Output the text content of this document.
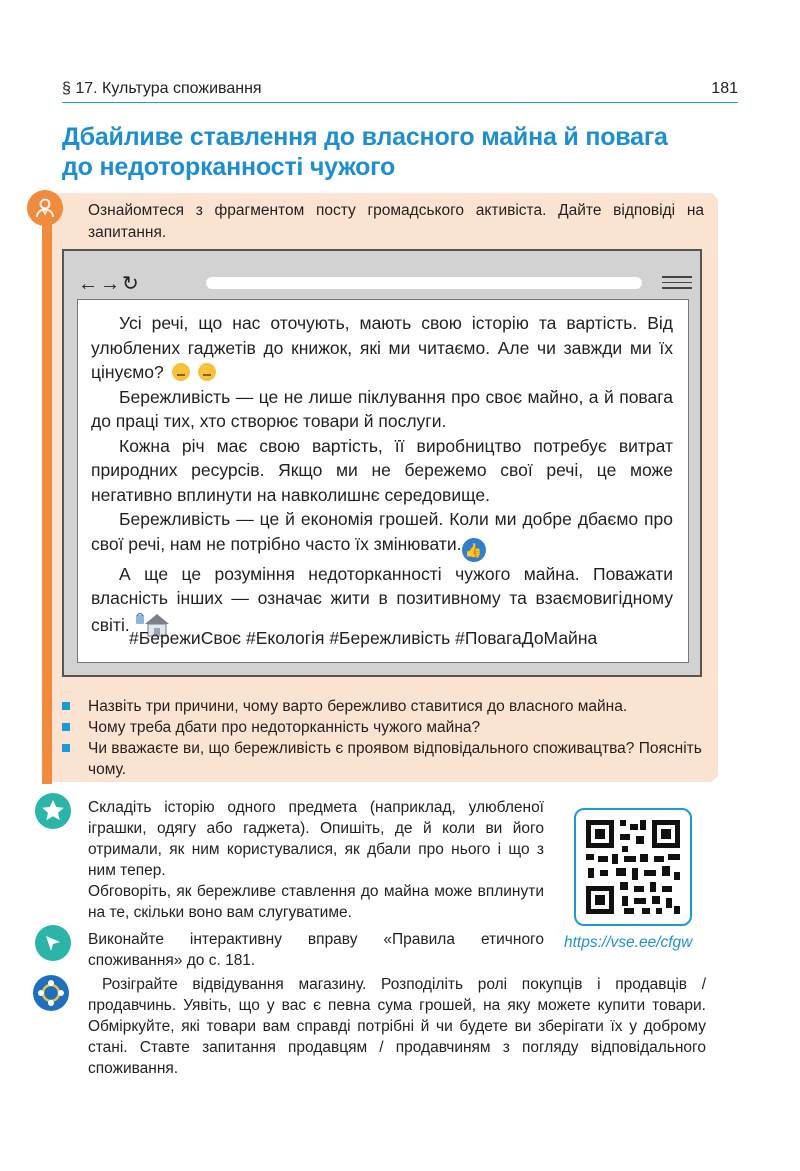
§ 17. Культура споживання	181
Дбайливе ставлення до власного майна й повага
до недоторканності чужого
Ознайомтеся з фрагментом посту громадського активіста. Дайте відповіді на запитання.
←→↻

Усі речі, що нас оточують, мають свою історію та вартість. Від улюблених гаджетів до книжок, які ми читаємо. Але чи завжди ми їх цінуємо?

Бережливість — це не лише піклування про своє майно, а й повага до праці тих, хто створює товари й послуги.

Кожна річ має свою вартість, її виробництво потребує витрат природних ресурсів. Якщо ми не бережемо свої речі, це може негативно вплинути на навколишнє середовище.

Бережливість — це й економія грошей. Коли ми добре дбаємо про свої речі, нам не потрібно часто їх змінювати. 👍

А ще це розуміння недоторканності чужого майна. Поважати власність інших — означає жити в позитивному та взаємовигідному світі.

#БережиСвоє #Екологія #Бережливість #ПовагаДоМайна
Назвіть три причини, чому варто бережливо ставитися до власного майна.
Чому треба дбати про недоторканність чужого майна?
Чи вважаєте ви, що бережливість є проявом відповідального споживацтва? Поясніть чому.
Складіть історію одного предмета (наприклад, улюбленої іграшки, одягу або гаджета). Опишіть, де й коли ви його отримали, як ним користувалися, як дбали про нього і що з ним тепер.
Обговоріть, як бережливе ставлення до майна може вплинути на те, скільки воно вам слугуватиме.
https://vse.ee/cfgw
Виконайте інтерактивну вправу «Правила етичного споживання» до с. 181.
Розіграйте відвідування магазину. Розподіліть ролі покупців і продавців / продавчинь. Уявіть, що у вас є певна сума грошей, на яку можете купити товари. Обміркуйте, які товари вам справді потрібні й чи будете ви зберігати їх у доброму стані. Ставте запитання продавцям / продавчиням з погляду відповідального споживання.
